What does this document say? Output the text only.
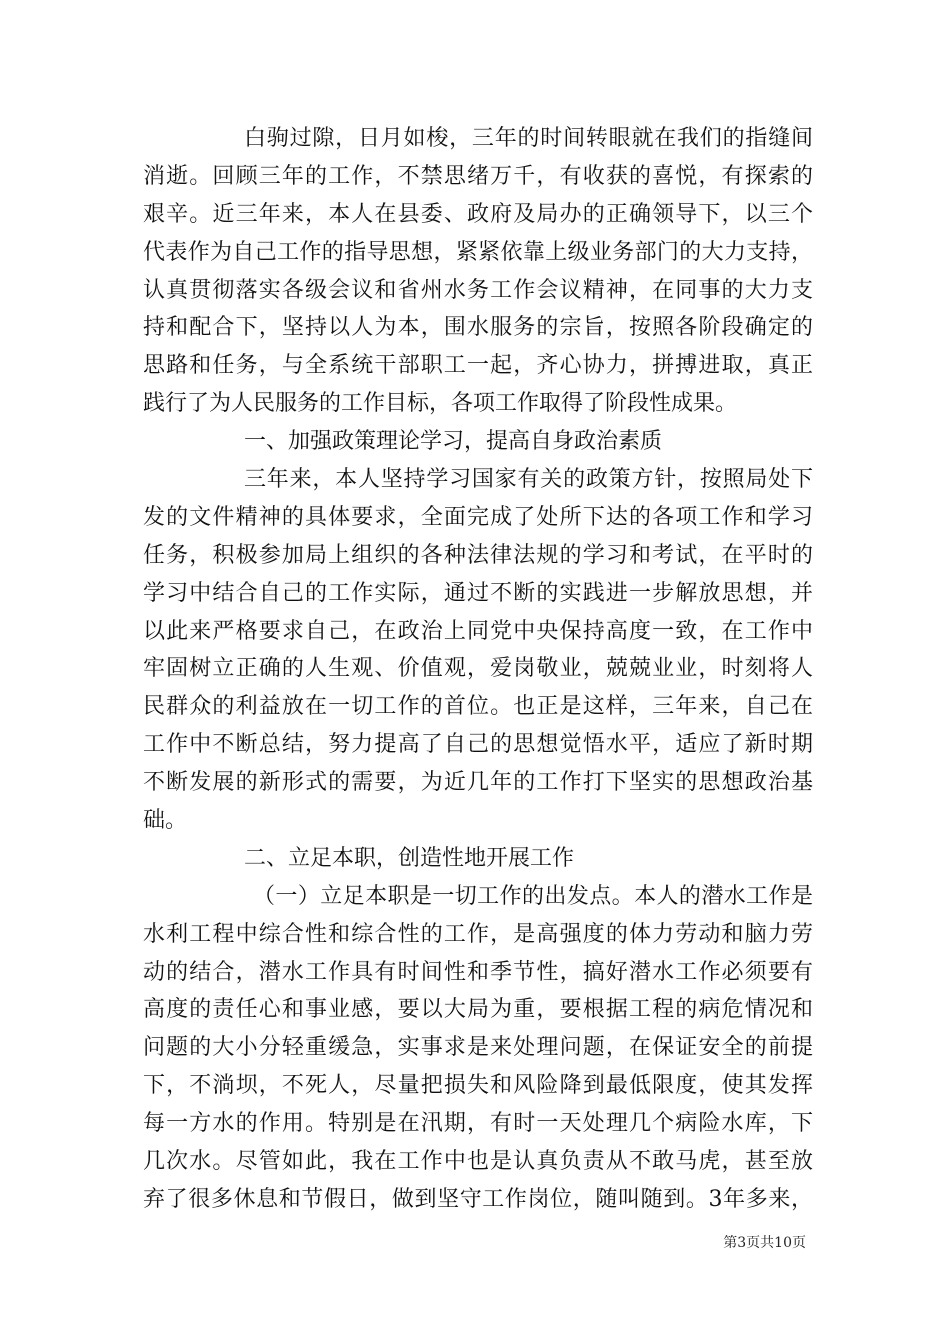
白驹过隙，日月如梭，三年的时间转眼就在我们的指缝间
消逝。回顾三年的工作，不禁思绪万千，有收获的喜悦，有探索的
艰辛。近三年来，本人在县委、政府及局办的正确领导下，以三个
代表作为自己工作的指导思想，紧紧依靠上级业务部门的大力支持，
认真贯彻落实各级会议和省州水务工作会议精神，在同事的大力支
持和配合下，坚持以人为本，围水服务的宗旨，按照各阶段确定的
思路和任务，与全系统干部职工一起，齐心协力，拼搏进取，真正
践行了为人民服务的工作目标，各项工作取得了阶段性成果。
一、加强政策理论学习，提高自身政治素质
三年来，本人坚持学习国家有关的政策方针，按照局处下
发的文件精神的具体要求，全面完成了处所下达的各项工作和学习
任务，积极参加局上组织的各种法律法规的学习和考试，在平时的
学习中结合自己的工作实际，通过不断的实践进一步解放思想，并
以此来严格要求自己，在政治上同党中央保持高度一致，在工作中
牢固树立正确的人生观、价值观，爱岗敬业，兢兢业业，时刻将人
民群众的利益放在一切工作的首位。也正是这样，三年来，自己在
工作中不断总结，努力提高了自己的思想觉悟水平，适应了新时期
不断发展的新形式的需要，为近几年的工作打下坚实的思想政治基
础。
二、立足本职，创造性地开展工作
（一）立足本职是一切工作的出发点。本人的潜水工作是
水利工程中综合性和综合性的工作，是高强度的体力劳动和脑力劳
动的结合，潜水工作具有时间性和季节性，搞好潜水工作必须要有
高度的责任心和事业感，要以大局为重，要根据工程的病危情况和
问题的大小分轻重缓急，实事求是来处理问题，在保证安全的前提
下，不淌坝，不死人，尽量把损失和风险降到最低限度，使其发挥
每一方水的作用。特别是在汛期，有时一天处理几个病险水库，下
几次水。尽管如此，我在工作中也是认真负责从不敢马虎，甚至放
弃了很多休息和节假日，做到坚守工作岗位，随叫随到。3年多来，
第3页共10页
